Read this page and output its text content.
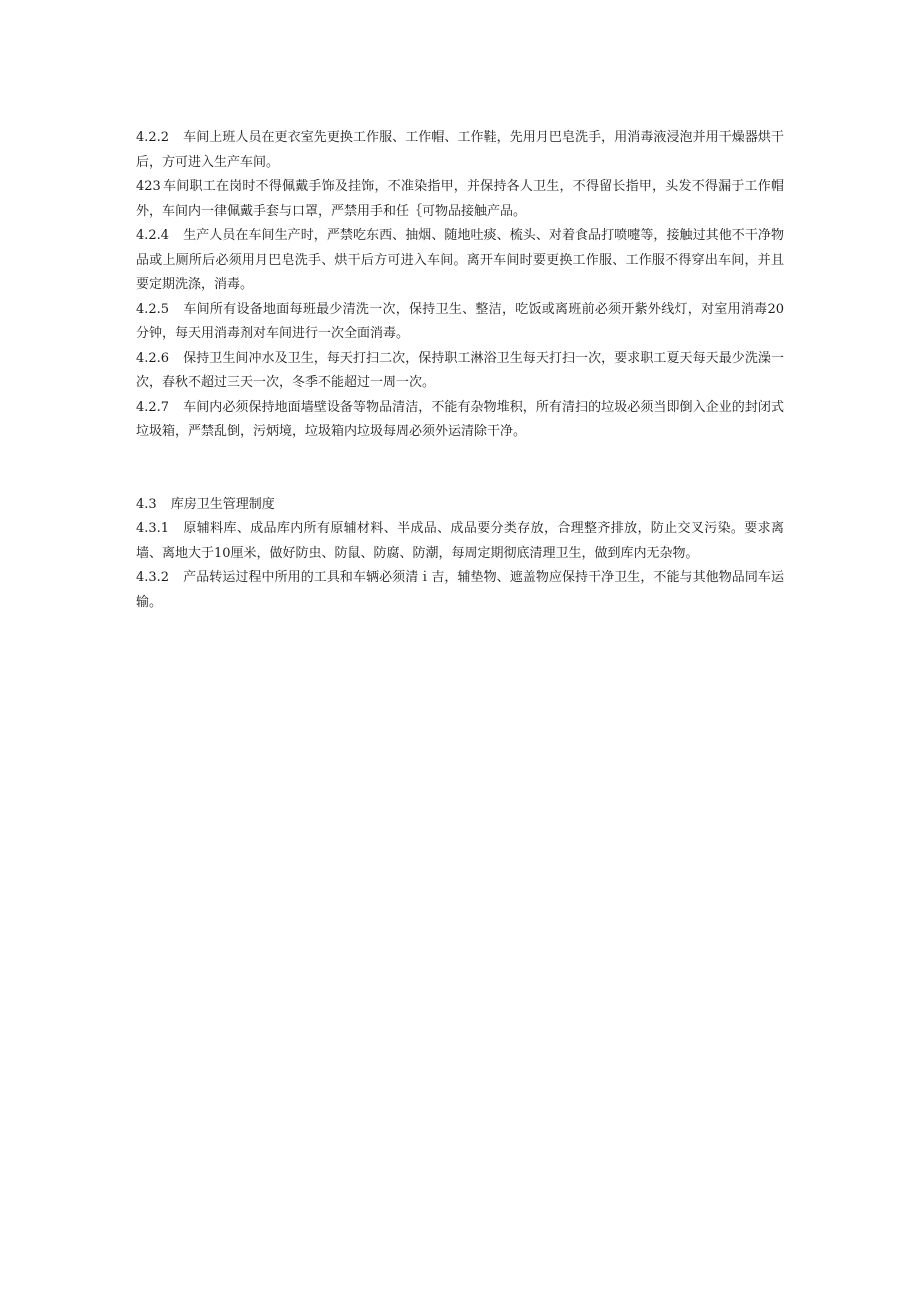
4.2.2 车间上班人员在更衣室先更换工作服、工作帽、工作鞋，先用月巴皂洗手，用消毒液浸泡并用干燥器烘干后，方可进入生产车间。

423 车间职工在岗时不得佩戴手饰及挂饰，不准染指甲，并保持各人卫生，不得留长指甲，头发不得漏于工作帽外，车间内一律佩戴手套与口罩，严禁用手和任｛可物品接触产品。

4.2.4 生产人员在车间生产时，严禁吃东西、抽烟、随地吐痰、梳头、对着食品打喷嚏等，接触过其他不干净物品或上厕所后必须用月巴皂洗手、烘干后方可进入车间。离开车间时要更换工作服、工作服不得穿出车间，并且要定期洗涤，消毒。

4.2.5 车间所有设备地面每班最少清洗一次，保持卫生、整洁，吃饭或离班前必须开紫外线灯，对室用消毒20分钟，每天用消毒剂对车间进行一次全面消毒。

4.2.6 保持卫生间冲水及卫生，每天打扫二次，保持职工淋浴卫生每天打扫一次，要求职工夏天每天最少洗澡一次，春秋不超过三天一次，冬季不能超过一周一次。

4.2.7 车间内必须保持地面墙壁设备等物品清洁，不能有杂物堆积，所有清扫的垃圾必须当即倒入企业的封闭式垃圾箱，严禁乱倒，污炳境，垃圾箱内垃圾每周必须外运清除干净。

4.3 库房卫生管理制度

4.3.1 原辅料库、成品库内所有原辅材料、半成品、成品要分类存放，合理整齐排放，防止交叉污染。要求离墙、离地大于10厘米，做好防虫、防鼠、防腐、防潮，每周定期彻底清理卫生，做到库内无杂物。

4.3.2 产品转运过程中所用的工具和车辆必须清ｉ吉，辅垫物、遮盖物应保持干净卫生，不能与其他物品同车运输。
